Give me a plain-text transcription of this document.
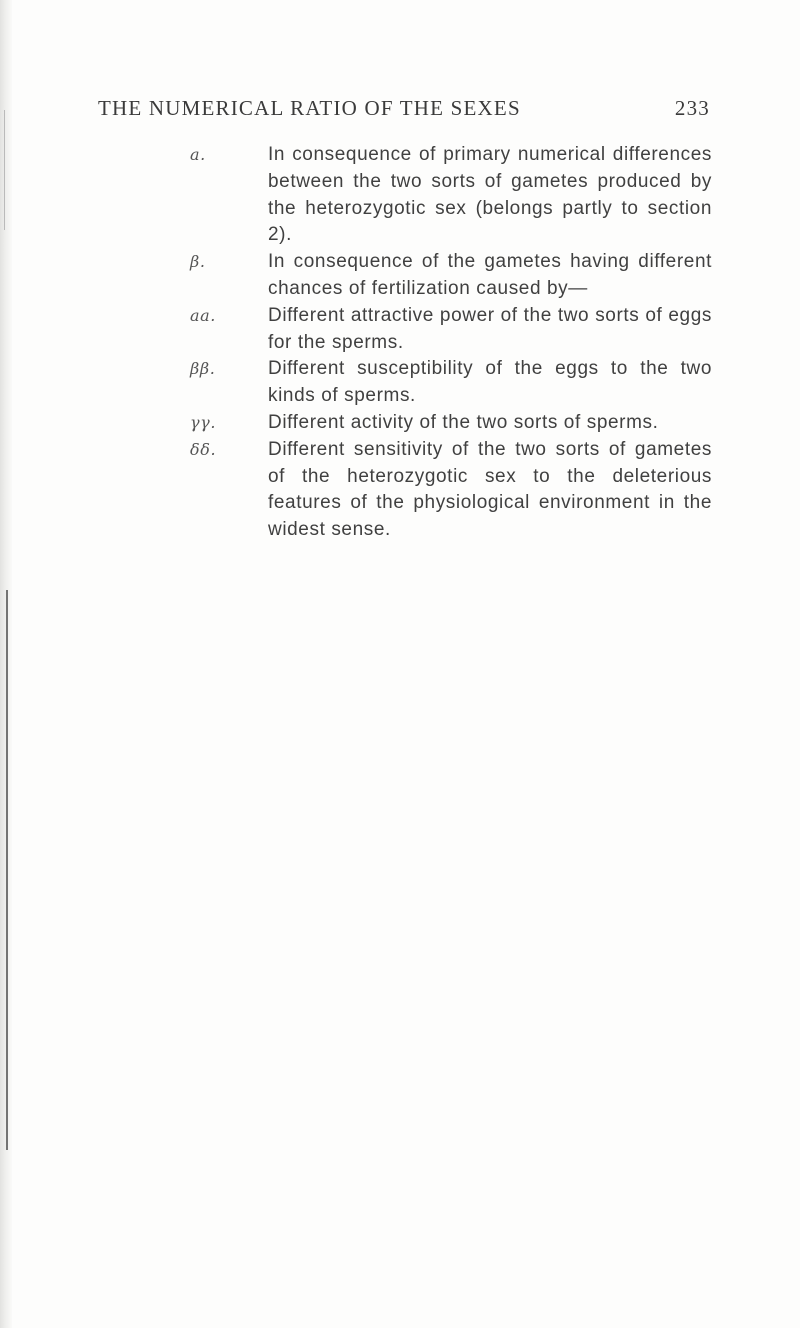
THE NUMERICAL RATIO OF THE SEXES	233
a.	In consequence of primary numerical differences between the two sorts of gametes produced by the heterozygotic sex (belongs partly to section 2).
β.	In consequence of the gametes having different chances of fertilization caused by—
aa.	Different attractive power of the two sorts of eggs for the sperms.
ββ.	Different susceptibility of the eggs to the two kinds of sperms.
γγ.	Different activity of the two sorts of sperms.
δδ.	Different sensitivity of the two sorts of gametes of the heterozygotic sex to the deleterious features of the physiological environment in the widest sense.
